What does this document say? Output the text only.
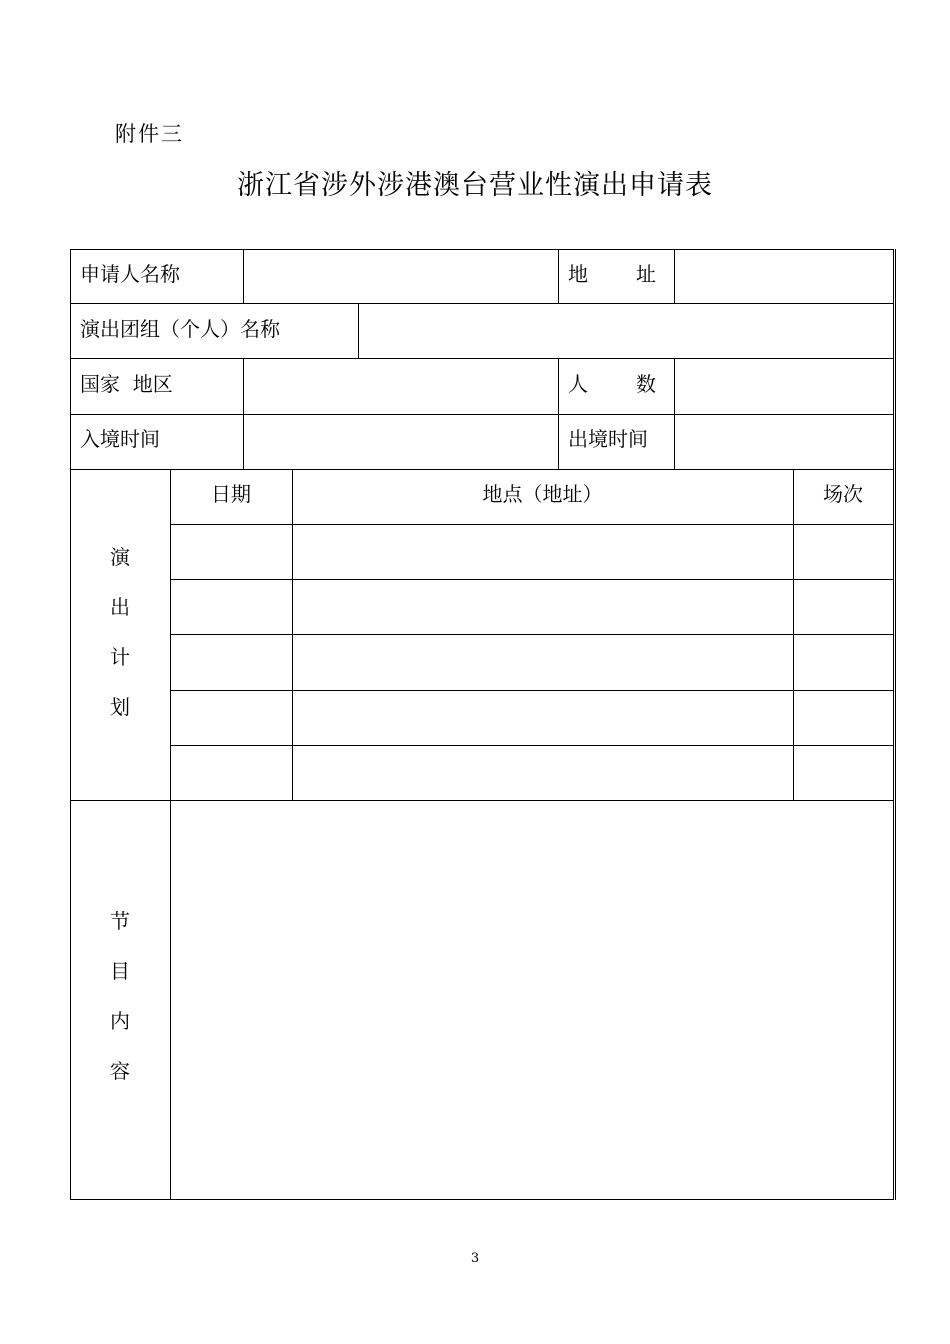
附件三
浙江省涉外涉港澳台营业性演出申请表
申请人名称	地 址
演出团组（个人）名称
国家  地区	人 数
入境时间	出境时间
日期	地点（地址）	场次
演
出
计
划
节
目
内
容
3
